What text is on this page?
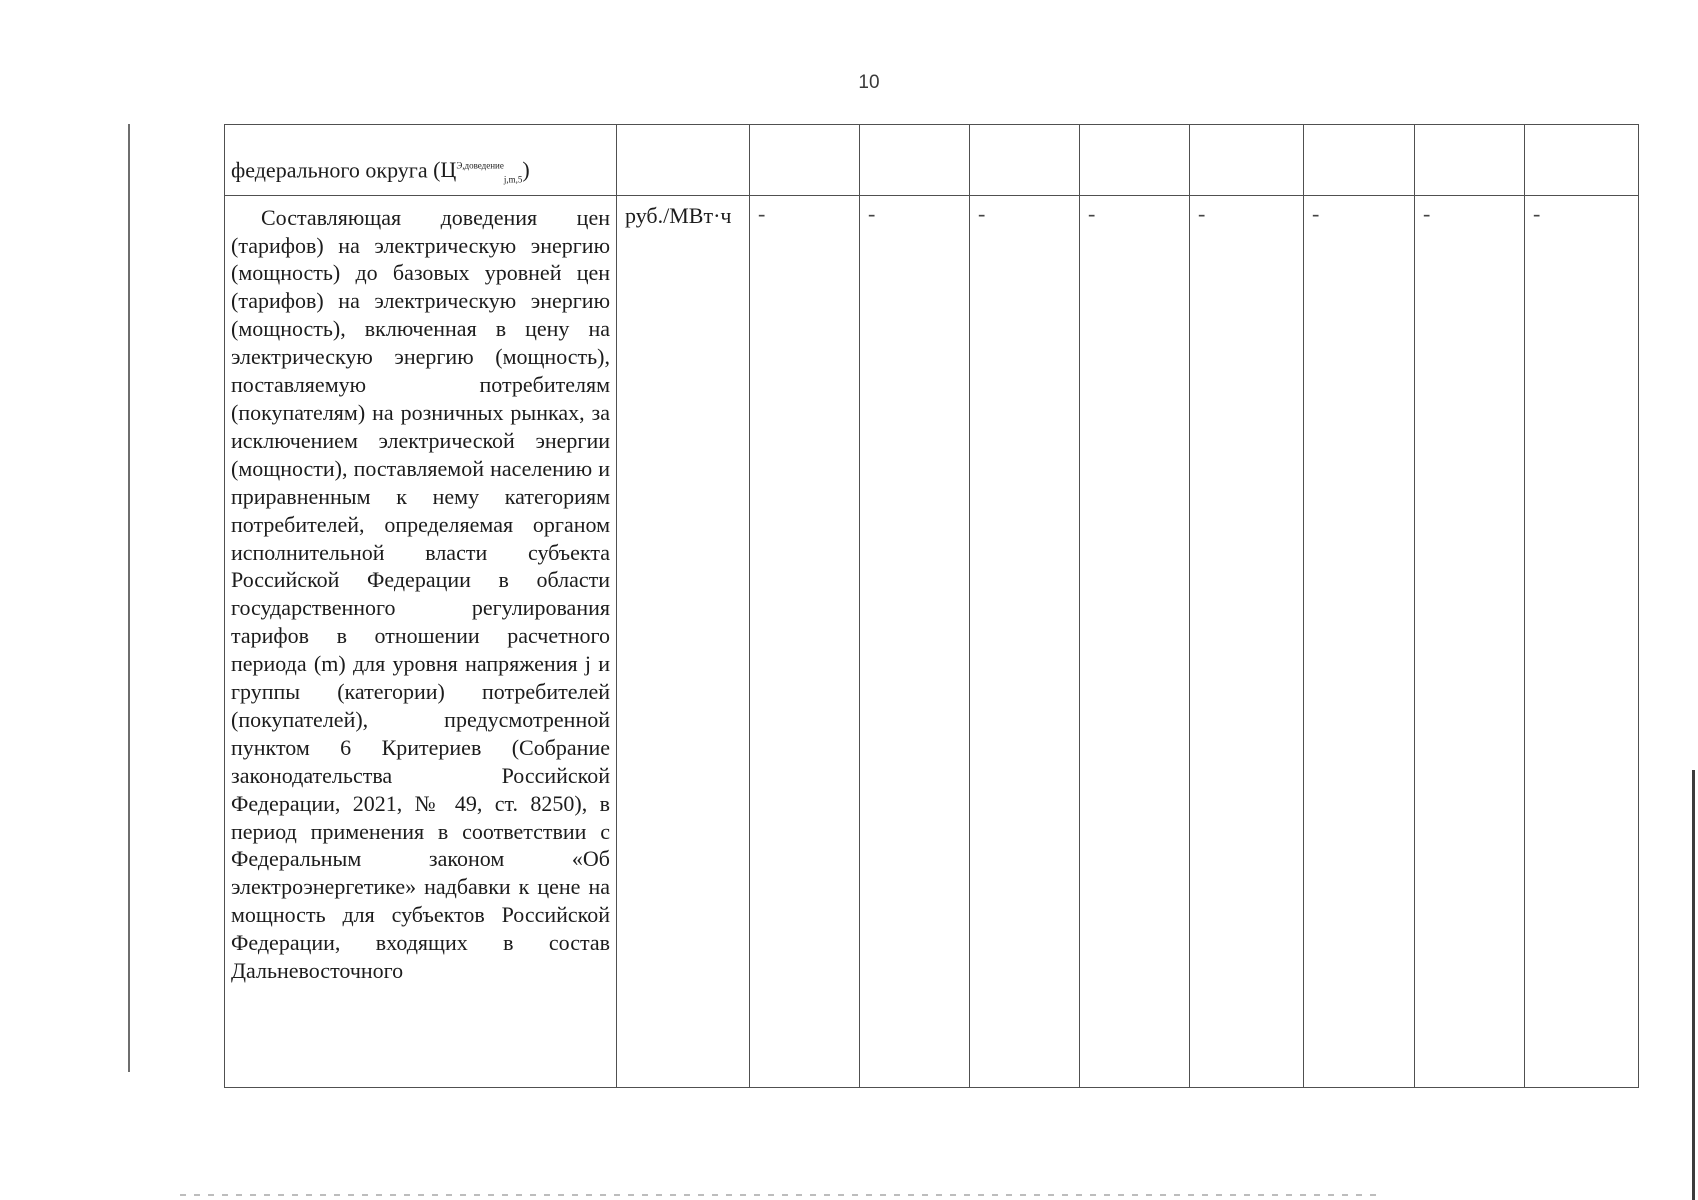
10
федерального округа $(Ц^{Э,доведение}_{j,m,5})$									

Составляющая доведения цен (тарифов) на электрическую энергию (мощность) до базовых уровней цен (тарифов) на электрическую энергию (мощность), включенная в цену на электрическую энергию (мощность), поставляемую потребителям (покупателям) на розничных рынках, за исключением электрической энергии (мощности), поставляемой населению и приравненным к нему категориям потребителей, определяемая органом исполнительной власти субъекта Российской Федерации в области государственного регулирования тарифов в отношении расчетного периода (m) для уровня напряжения j и группы (категории) потребителей (покупателей), предусмотренной пунктом 6 Критериев (Собрание законодательства Российской Федерации, 2021, № 49, ст. 8250), в период применения в соответствии с Федеральным законом «Об электроэнергетике» надбавки к цене на мощность для субъектов Российской Федерации, входящих в состав Дальневосточного	руб./МВт·ч	-	-	-	-	-	-	-	-
